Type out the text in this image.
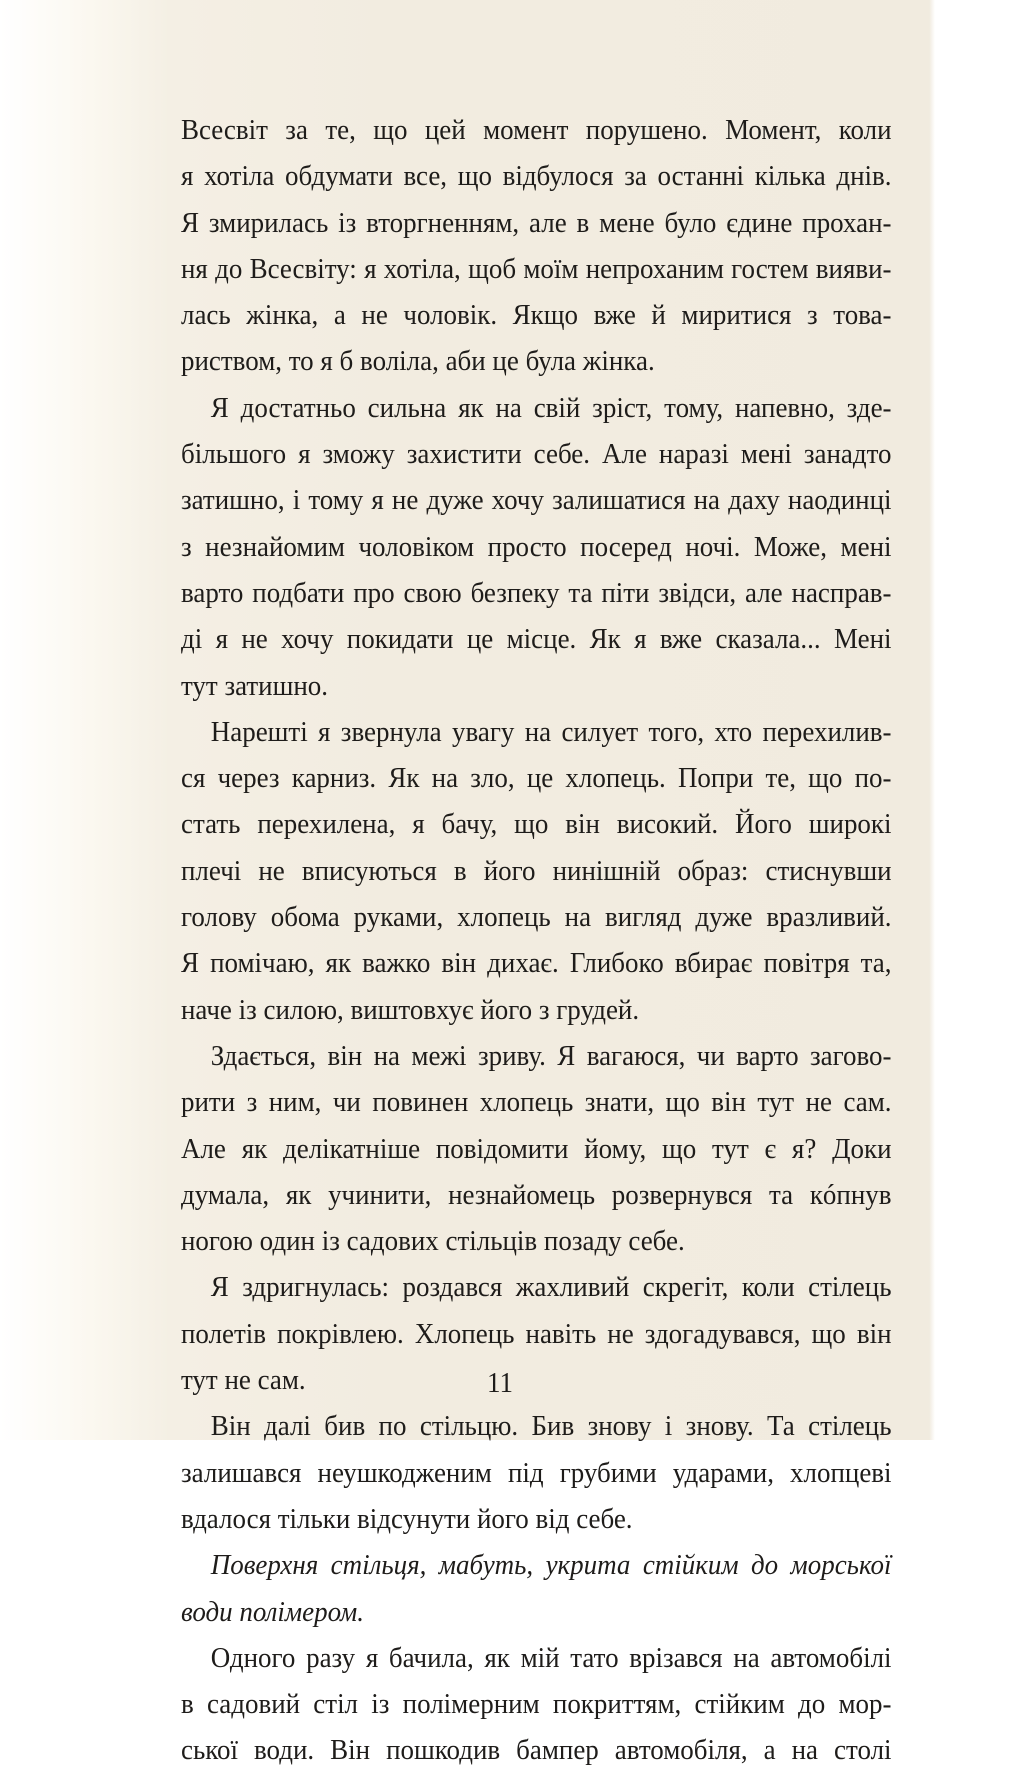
Всесвіт за те, що цей момент порушено. Момент, коли
я хотіла обдумати все, що відбулося за останні кілька днів.
Я змирилась із вторгненням, але в мене було єдине прохан-
ня до Всесвіту: я хотіла, щоб моїм непроханим гостем вияви-
лась жінка, а не чоловік. Якщо вже й миритися з това-
риством, то я б воліла, аби це була жінка.
Я достатньо сильна як на свій зріст, тому, напевно, зде-
більшого я зможу захистити себе. Але наразі мені занадто
затишно, і тому я не дуже хочу залишатися на даху наодинці
з незнайомим чоловіком просто посеред ночі. Може, мені
варто подбати про свою безпеку та піти звідси, але насправ-
ді я не хочу покидати це місце. Як я вже сказала... Мені
тут затишно.
Нарешті я звернула увагу на силует того, хто перехилив-
ся через карниз. Як на зло, це хлопець. Попри те, що по-
стать перехилена, я бачу, що він високий. Його широкі
плечі не вписуються в його нинішній образ: стиснувши
голову обома руками, хлопець на вигляд дуже вразливий.
Я помічаю, як важко він дихає. Глибоко вбирає повітря та,
наче із силою, виштовхує його з грудей.
Здається, він на межі зриву. Я вагаюся, чи варто загово-
рити з ним, чи повинен хлопець знати, що він тут не сам.
Але як делікатніше повідомити йому, що тут є я? Доки
думала, як учинити, незнайомець розвернувся та кóпнув
ногою один із садових стільців позаду себе.
Я здригнулась: роздався жахливий скрегіт, коли стілець
полетів покрівлею. Хлопець навіть не здогадувався, що він
тут не сам.
Він далі бив по стільцю. Бив знову і знову. Та стілець
залишався неушкодженим під грубими ударами, хлопцеві
вдалося тільки відсунути його від себе.
Поверхня стільця, мабуть, укрита стійким до морської
води полімером.
Одного разу я бачила, як мій тато врізався на автомобілі
в садовий стіл із полімерним покриттям, стійким до мор-
ської води. Він пошкодив бампер автомобіля, а на столі
11
